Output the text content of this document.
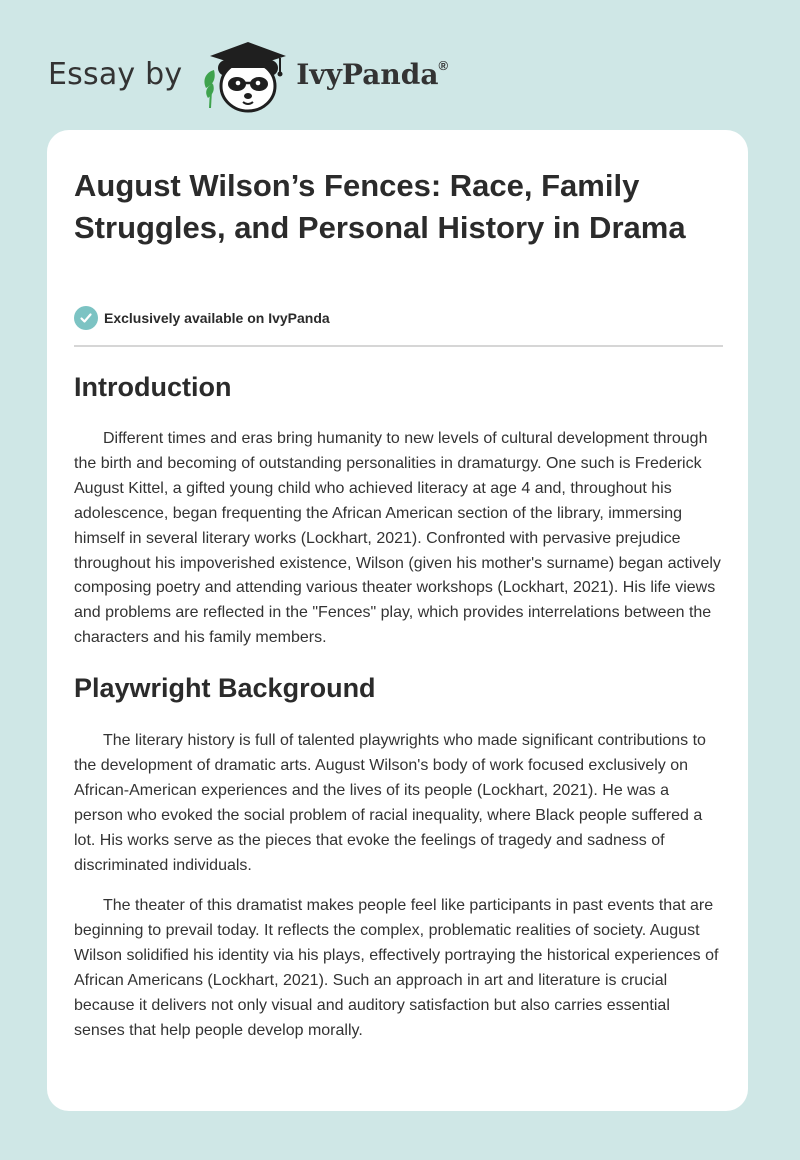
Essay by	IvyPanda®
August Wilson’s Fences: Race, Family Struggles, and Personal History in Drama
Exclusively available on IvyPanda
Introduction

Different times and eras bring humanity to new levels of cultural development through the birth and becoming of outstanding personalities in dramaturgy. One such is Frederick August Kittel, a gifted young child who achieved literacy at age 4 and, throughout his adolescence, began frequenting the African American section of the library, immersing himself in several literary works (Lockhart, 2021). Confronted with pervasive prejudice throughout his impoverished existence, Wilson (given his mother's surname) began actively composing poetry and attending various theater workshops (Lockhart, 2021). His life views and problems are reflected in the "Fences" play, which provides interrelations between the characters and his family members.

Playwright Background

The literary history is full of talented playwrights who made significant contributions to the development of dramatic arts. August Wilson's body of work focused exclusively on African-American experiences and the lives of its people (Lockhart, 2021). He was a person who evoked the social problem of racial inequality, where Black people suffered a lot. His works serve as the pieces that evoke the feelings of tragedy and sadness of discriminated individuals.

The theater of this dramatist makes people feel like participants in past events that are beginning to prevail today. It reflects the complex, problematic realities of society. August Wilson solidified his identity via his plays, effectively portraying the historical experiences of African Americans (Lockhart, 2021). Such an approach in art and literature is crucial because it delivers not only visual and auditory satisfaction but also carries essential senses that help people develop morally.
